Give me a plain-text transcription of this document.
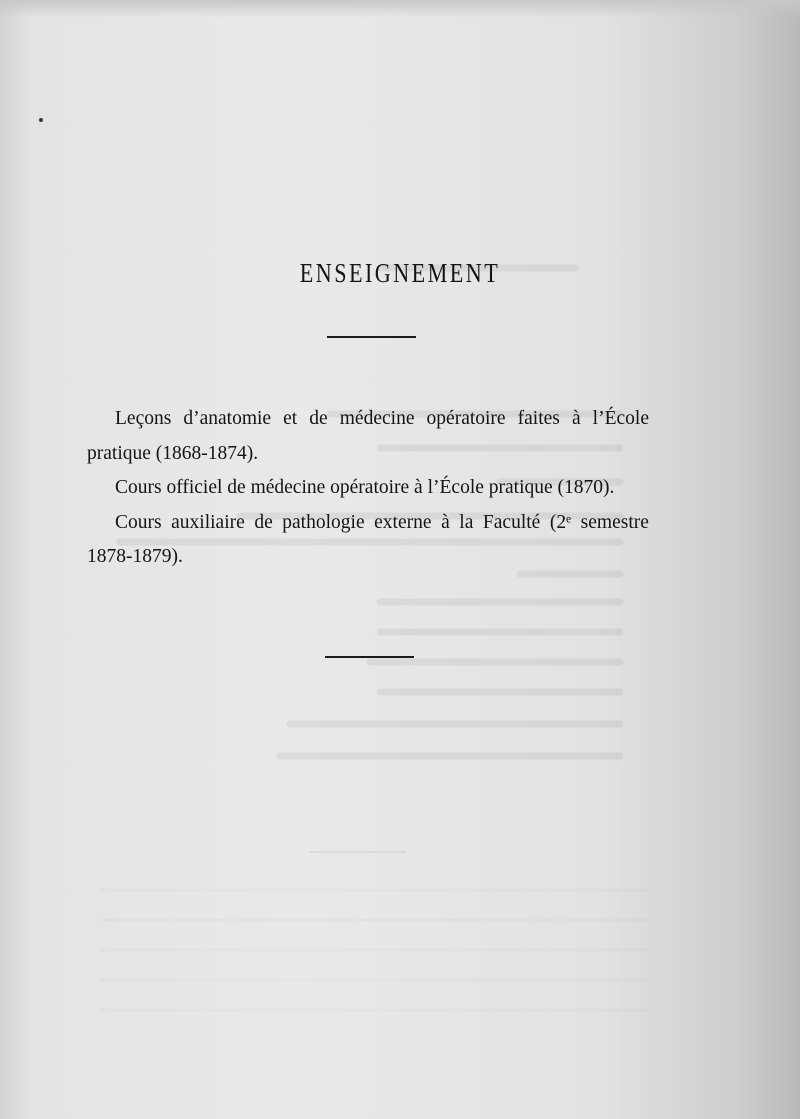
ENSEIGNEMENT

Leçons d’anatomie et de médecine opératoire faites à l’École
pratique (1868-1874).

Cours officiel de médecine opératoire à l’École pratique (1870).

Cours auxiliaire de pathologie externe à la Faculté (2ᵉ semestre
1878-1879).
